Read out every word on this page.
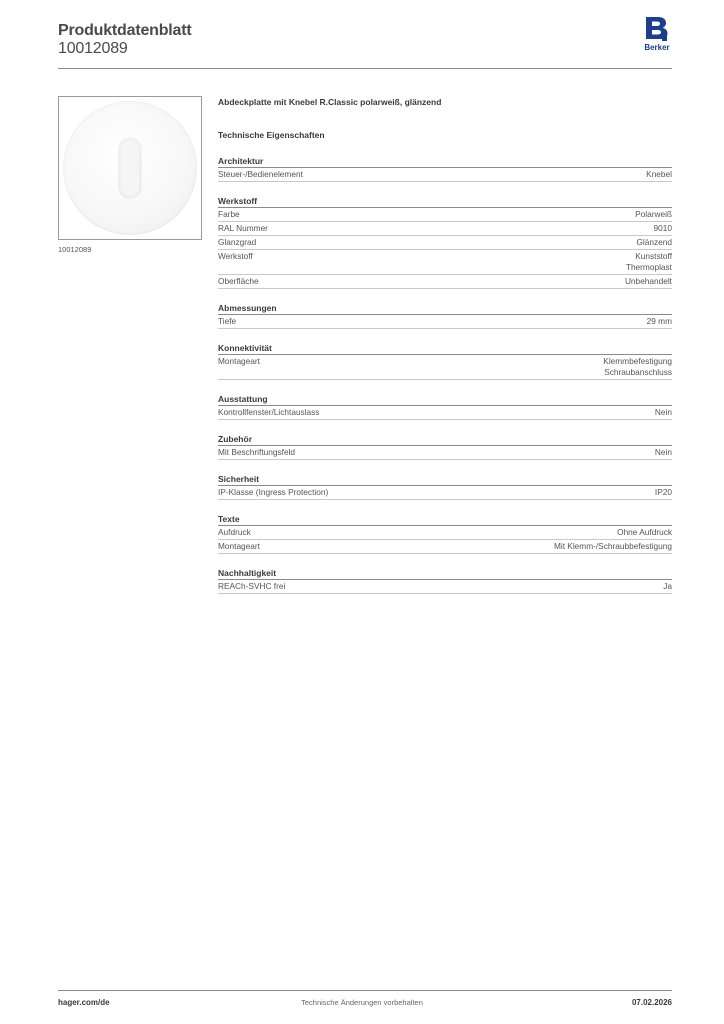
Produktdatenblatt
10012089	Berker
10012089
Abdeckplatte mit Knebel R.Classic polarweiß, glänzend
Technische Eigenschaften
Architektur
Steuer-/Bedienelement	Knebel
Werkstoff
Farbe	Polarweiß
RAL Nummer	9010
Glanzgrad	Glänzend
Werkstoff	Kunststoff
Thermoplast
Oberfläche	Unbehandelt
Abmessungen
Tiefe	29 mm
Konnektivität
Montageart	Klemmbefestigung
Schraubanschluss
Ausstattung
Kontrollfenster/Lichtauslass	Nein
Zubehör
Mit Beschriftungsfeld	Nein
Sicherheit
IP-Klasse (Ingress Protection)	IP20
Texte
Aufdruck	Ohne Aufdruck
Montageart	Mit Klemm-/Schraubbefestigung
Nachhaltigkeit
REACh-SVHC frei	Ja
hager.com/de	Technische Änderungen vorbehalten	07.02.2026
